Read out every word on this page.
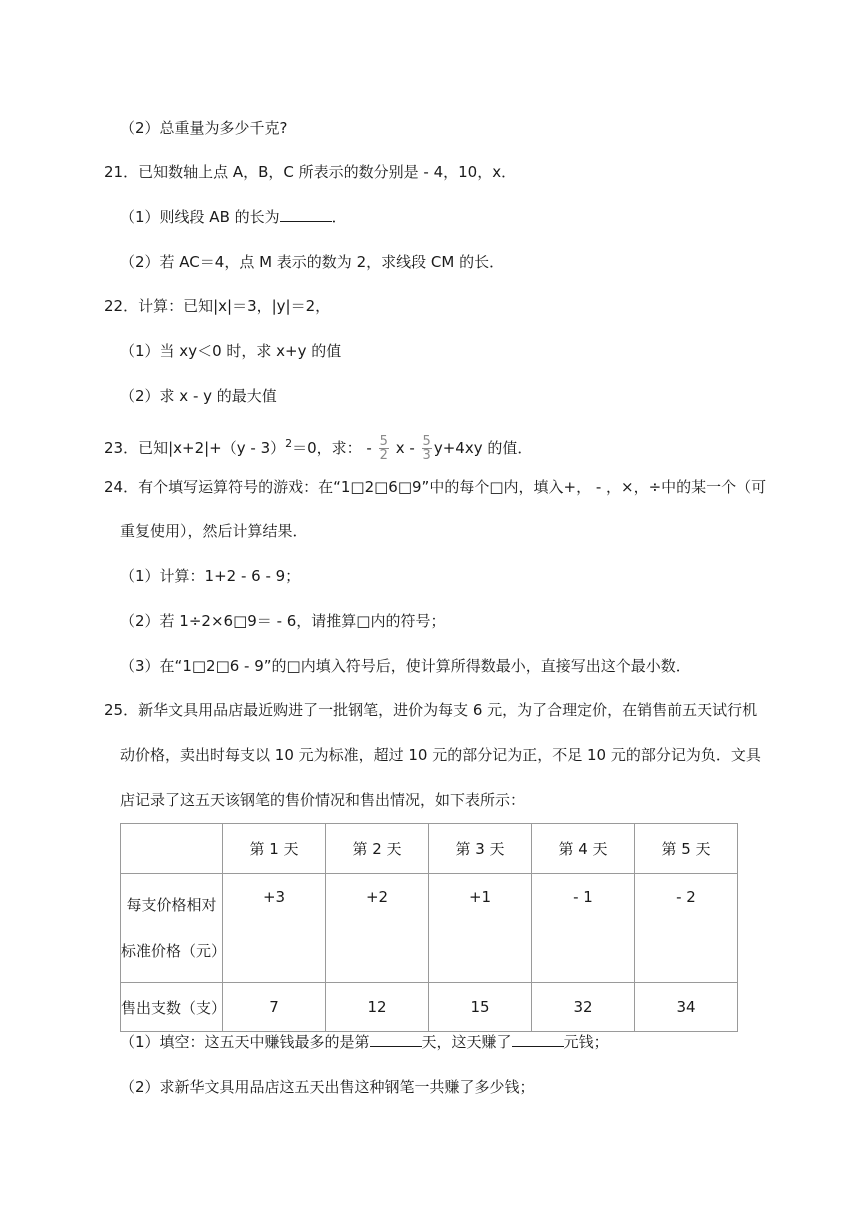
（2）总重量为多少千克?
21．已知数轴上点 A，B，C 所表示的数分别是 - 4，10，x．
（1）则线段 AB 的长为	．
（2）若 AC＝4，点 M 表示的数为 2，求线段 CM 的长．
22．计算：已知|x|＝3，|y|＝2，
（1）当 xy＜0 时，求 x+y 的值
（2）求 x - y 的最大值
23．已知|x+2|+（y - 3）$^2$＝0，求： - $\frac{5}{2}$ $x - \frac{5}{3} y+4xy$ 的值．
24．有个填写运算符号的游戏：在“1□2□6□9”中的每个□内，填入+， - ，×，÷中的某一个（可
重复使用），然后计算结果．
（1）计算：1+2 - 6 - 9；
（2）若 1÷2×6□9＝ - 6，请推算□内的符号；
（3）在“1□2□6 - 9”的□内填入符号后，使计算所得数最小，直接写出这个最小数．
25．新华文具用品店最近购进了一批钢笔，进价为每支 6 元，为了合理定价，在销售前五天试行机
动价格，卖出时每支以 10 元为标准，超过 10 元的部分记为正，不足 10 元的部分记为负．文具
店记录了这五天该钢笔的售价情况和售出情况，如下表所示：
	第 1 天	第 2 天	第 3 天	第 4 天	第 5 天

每支价格相对
标准价格（元）	+3	+2	+1	- 1	- 2
售出支数（支）	7	12	15	32	34
（1）填空：这五天中赚钱最多的是第	天，这天赚了	元钱；
（2）求新华文具用品店这五天出售这种钢笔一共赚了多少钱；
